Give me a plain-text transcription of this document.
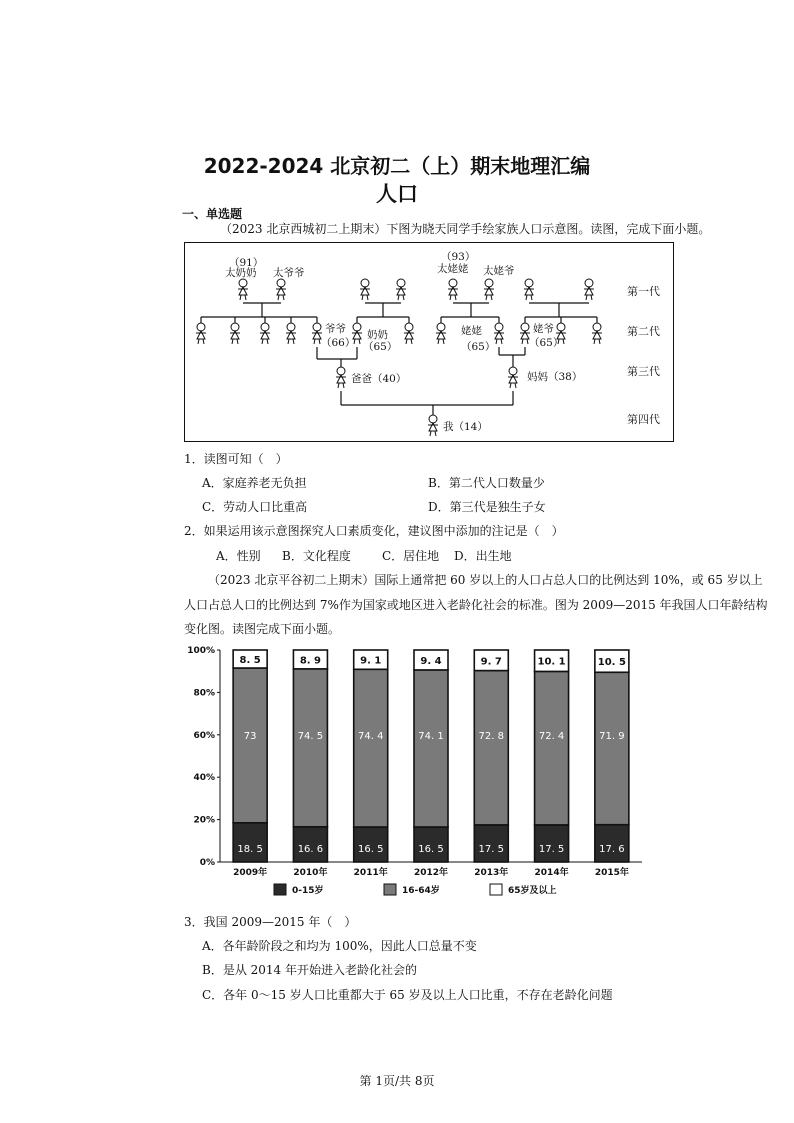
2022-2024 北京初二（上）期末地理汇编
人口
一、单选题
（2023 北京西城初二上期末）下图为晓天同学手绘家族人口示意图。读图，完成下面小题。
（91）
太奶奶 太爷爷
（93）
太姥姥 太姥爷
爷爷
（66）
奶奶
（65）
姥姥
（65）
姥爷
（65）
爸爸（40）	妈妈（38）
我（14）
第一代
第二代
第三代
第四代
1．读图可知（　）
A．家庭养老无负担	B．第二代人口数量少
C．劳动人口比重高	D．第三代是独生子女
2．如果运用该示意图探究人口素质变化，建议图中添加的注记是（　）
A．性别 B．文化程度	C．居住地 D．出生地
（2023 北京平谷初二上期末）国际上通常把 60 岁以上的人口占总人口的比例达到 10%，或 65 岁以上
人口占总人口的比例达到 7%作为国家或地区进入老龄化社会的标准。图为 2009—2015 年我国人口年龄结构
变化图。读图完成下面小题。
0%
20%
40%
60%
80%
100%
18. 5
73
8. 5
2009年
16. 6
74. 5
8. 9
2010年
16. 5
74. 4
9. 1
2011年
16. 5
74. 1
9. 4
2012年
17. 5
72. 8
9. 7
2013年
17. 5
72. 4
10. 1
2014年
17. 6
71. 9
10. 5
2015年
0-15岁	16-64岁	65岁及以上
3．我国 2009—2015 年（　）
A．各年龄阶段之和均为 100%，因此人口总量不变
B．是从 2014 年开始进入老龄化社会的
C．各年 0～15 岁人口比重都大于 65 岁及以上人口比重，不存在老龄化问题
第 1页/共 8页
